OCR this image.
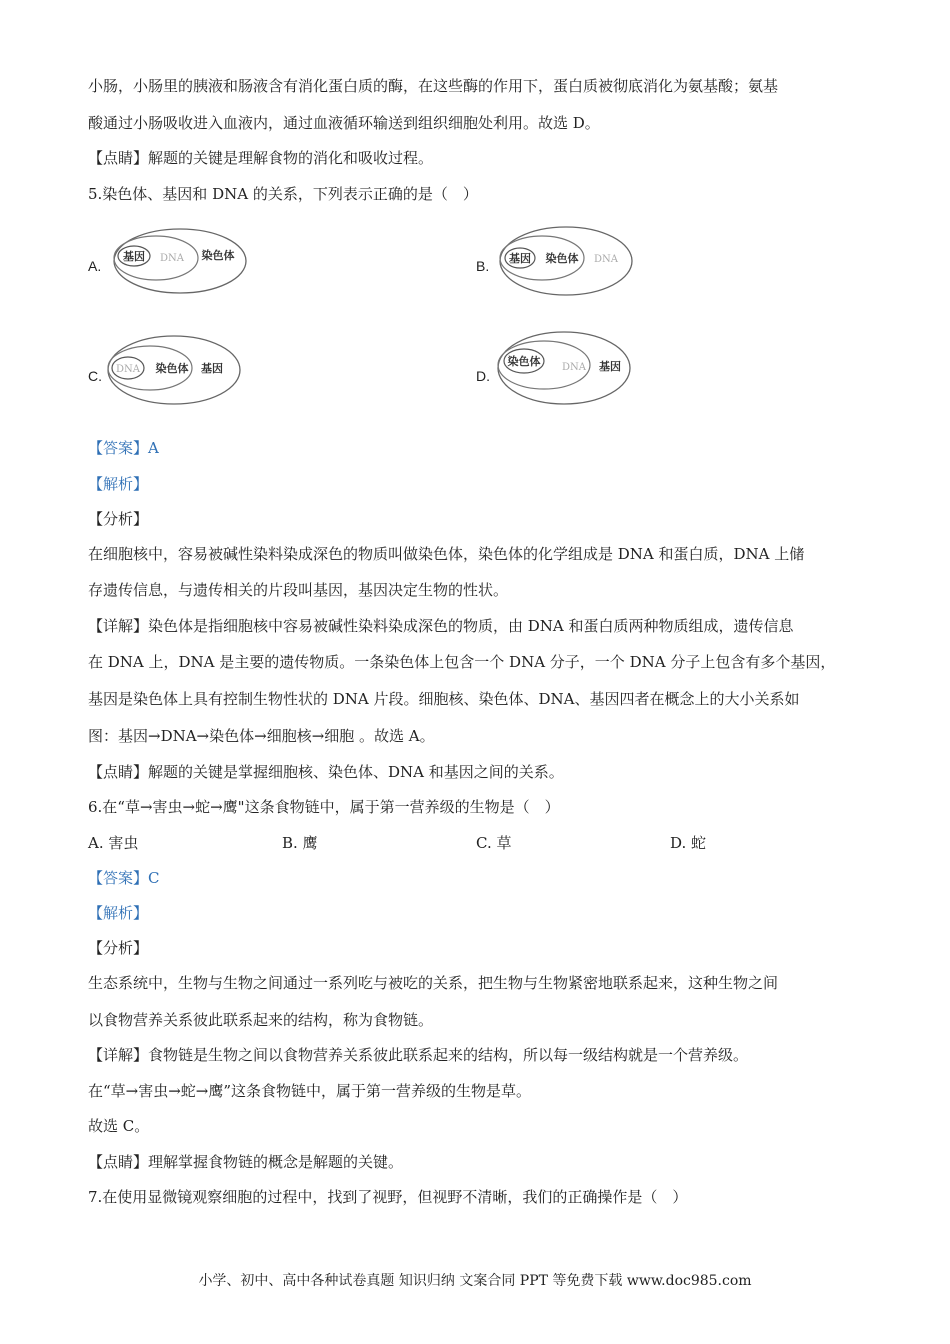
小肠，小肠里的胰液和肠液含有消化蛋白质的酶，在这些酶的作用下，蛋白质被彻底消化为氨基酸；氨基
酸通过小肠吸收进入血液内，通过血液循环输送到组织细胞处利用。故选 D。
【点睛】解题的关键是理解食物的消化和吸收过程。
5.染色体、基因和 DNA 的关系，下列表示正确的是（　）
A.
基因 DNA 染色体
B. 基因 染色体 DNA
C. DNA 染色体 基因	D.
染色体 DNA 基因
【答案】A
【解析】
【分析】
在细胞核中，容易被碱性染料染成深色的物质叫做染色体，染色体的化学组成是 DNA 和蛋白质，DNA 上储
存遗传信息，与遗传相关的片段叫基因，基因决定生物的性状。
【详解】染色体是指细胞核中容易被碱性染料染成深色的物质，由 DNA 和蛋白质两种物质组成，遗传信息
在 DNA 上，DNA 是主要的遗传物质。一条染色体上包含一个 DNA 分子，一个 DNA 分子上包含有多个基因，
基因是染色体上具有控制生物性状的 DNA 片段。细胞核、染色体、DNA、基因四者在概念上的大小关系如
图：基因→DNA→染色体→细胞核→细胞 。故选 A。
【点睛】解题的关键是掌握细胞核、染色体、DNA 和基因之间的关系。
6.在“草→害虫→蛇→鹰"这条食物链中，属于第一营养级的生物是（　）
A. 害虫	B. 鹰	C. 草	D. 蛇
【答案】C
【解析】
【分析】
生态系统中，生物与生物之间通过一系列吃与被吃的关系，把生物与生物紧密地联系起来，这种生物之间
以食物营养关系彼此联系起来的结构，称为食物链。
【详解】食物链是生物之间以食物营养关系彼此联系起来的结构，所以每一级结构就是一个营养级。
在“草→害虫→蛇→鹰”这条食物链中，属于第一营养级的生物是草。
故选 C。
【点睛】理解掌握食物链的概念是解题的关键。
7.在使用显微镜观察细胞的过程中，找到了视野，但视野不清晰，我们的正确操作是（　）
小学、初中、高中各种试卷真题 知识归纳 文案合同 PPT 等免费下载 www.doc985.com
